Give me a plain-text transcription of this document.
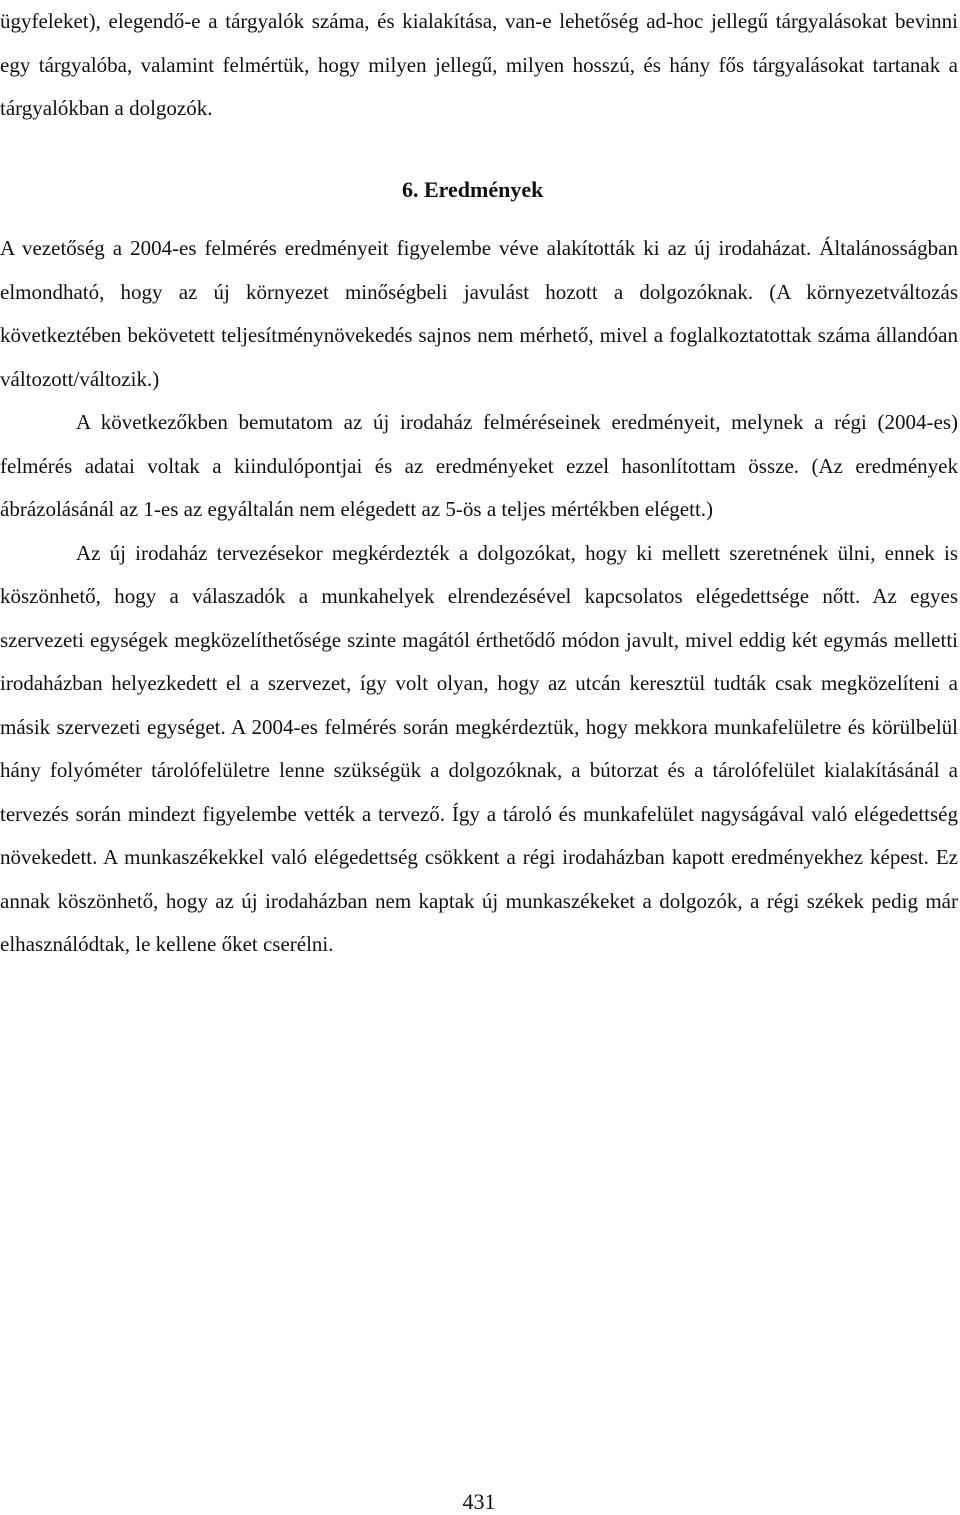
ügyfeleket), elegendő-e a tárgyalók száma, és kialakítása, van-e lehetőség ad-hoc jellegű tárgyalásokat bevinni egy tárgyalóba, valamint felmértük, hogy milyen jellegű, milyen hosszú, és hány fős tárgyalásokat tartanak a tárgyalókban a dolgozók.

6. Eredmények

A vezetőség a 2004-es felmérés eredményeit figyelembe véve alakították ki az új irodaházat. Általánosságban elmondható, hogy az új környezet minőségbeli javulást hozott a dolgozóknak. (A környezetváltozás következtében bekövetett teljesítménynövekedés sajnos nem mérhető, mivel a foglalkoztatottak száma állandóan változott/változik.)

A következőkben bemutatom az új irodaház felméréseinek eredményeit, melynek a régi (2004-es) felmérés adatai voltak a kiindulópontjai és az eredményeket ezzel hasonlítottam össze. (Az eredmények ábrázolásánál az 1-es az egyáltalán nem elégedett az 5-ös a teljes mértékben elégett.)

Az új irodaház tervezésekor megkérdezték a dolgozókat, hogy ki mellett szeretnének ülni, ennek is köszönhető, hogy a válaszadók a munkahelyek elrendezésével kapcsolatos elégedettsége nőtt. Az egyes szervezeti egységek megközelíthetősége szinte magától érthetődő módon javult, mivel eddig két egymás melletti irodaházban helyezkedett el a szervezet, így volt olyan, hogy az utcán keresztül tudták csak megközelíteni a másik szervezeti egységet. A 2004-es felmérés során megkérdeztük, hogy mekkora munkafelületre és körülbelül hány folyóméter tárolófelületre lenne szükségük a dolgozóknak, a bútorzat és a tárolófelület kialakításánál a tervezés során mindezt figyelembe vették a tervező. Így a tároló és munkafelület nagyságával való elégedettség növekedett. A munkaszékekkel való elégedettség csökkent a régi irodaházban kapott eredményekhez képest. Ez annak köszönhető, hogy az új irodaházban nem kaptak új munkaszékeket a dolgozók, a régi székek pedig már elhasználódtak, le kellene őket cserélni.

431
